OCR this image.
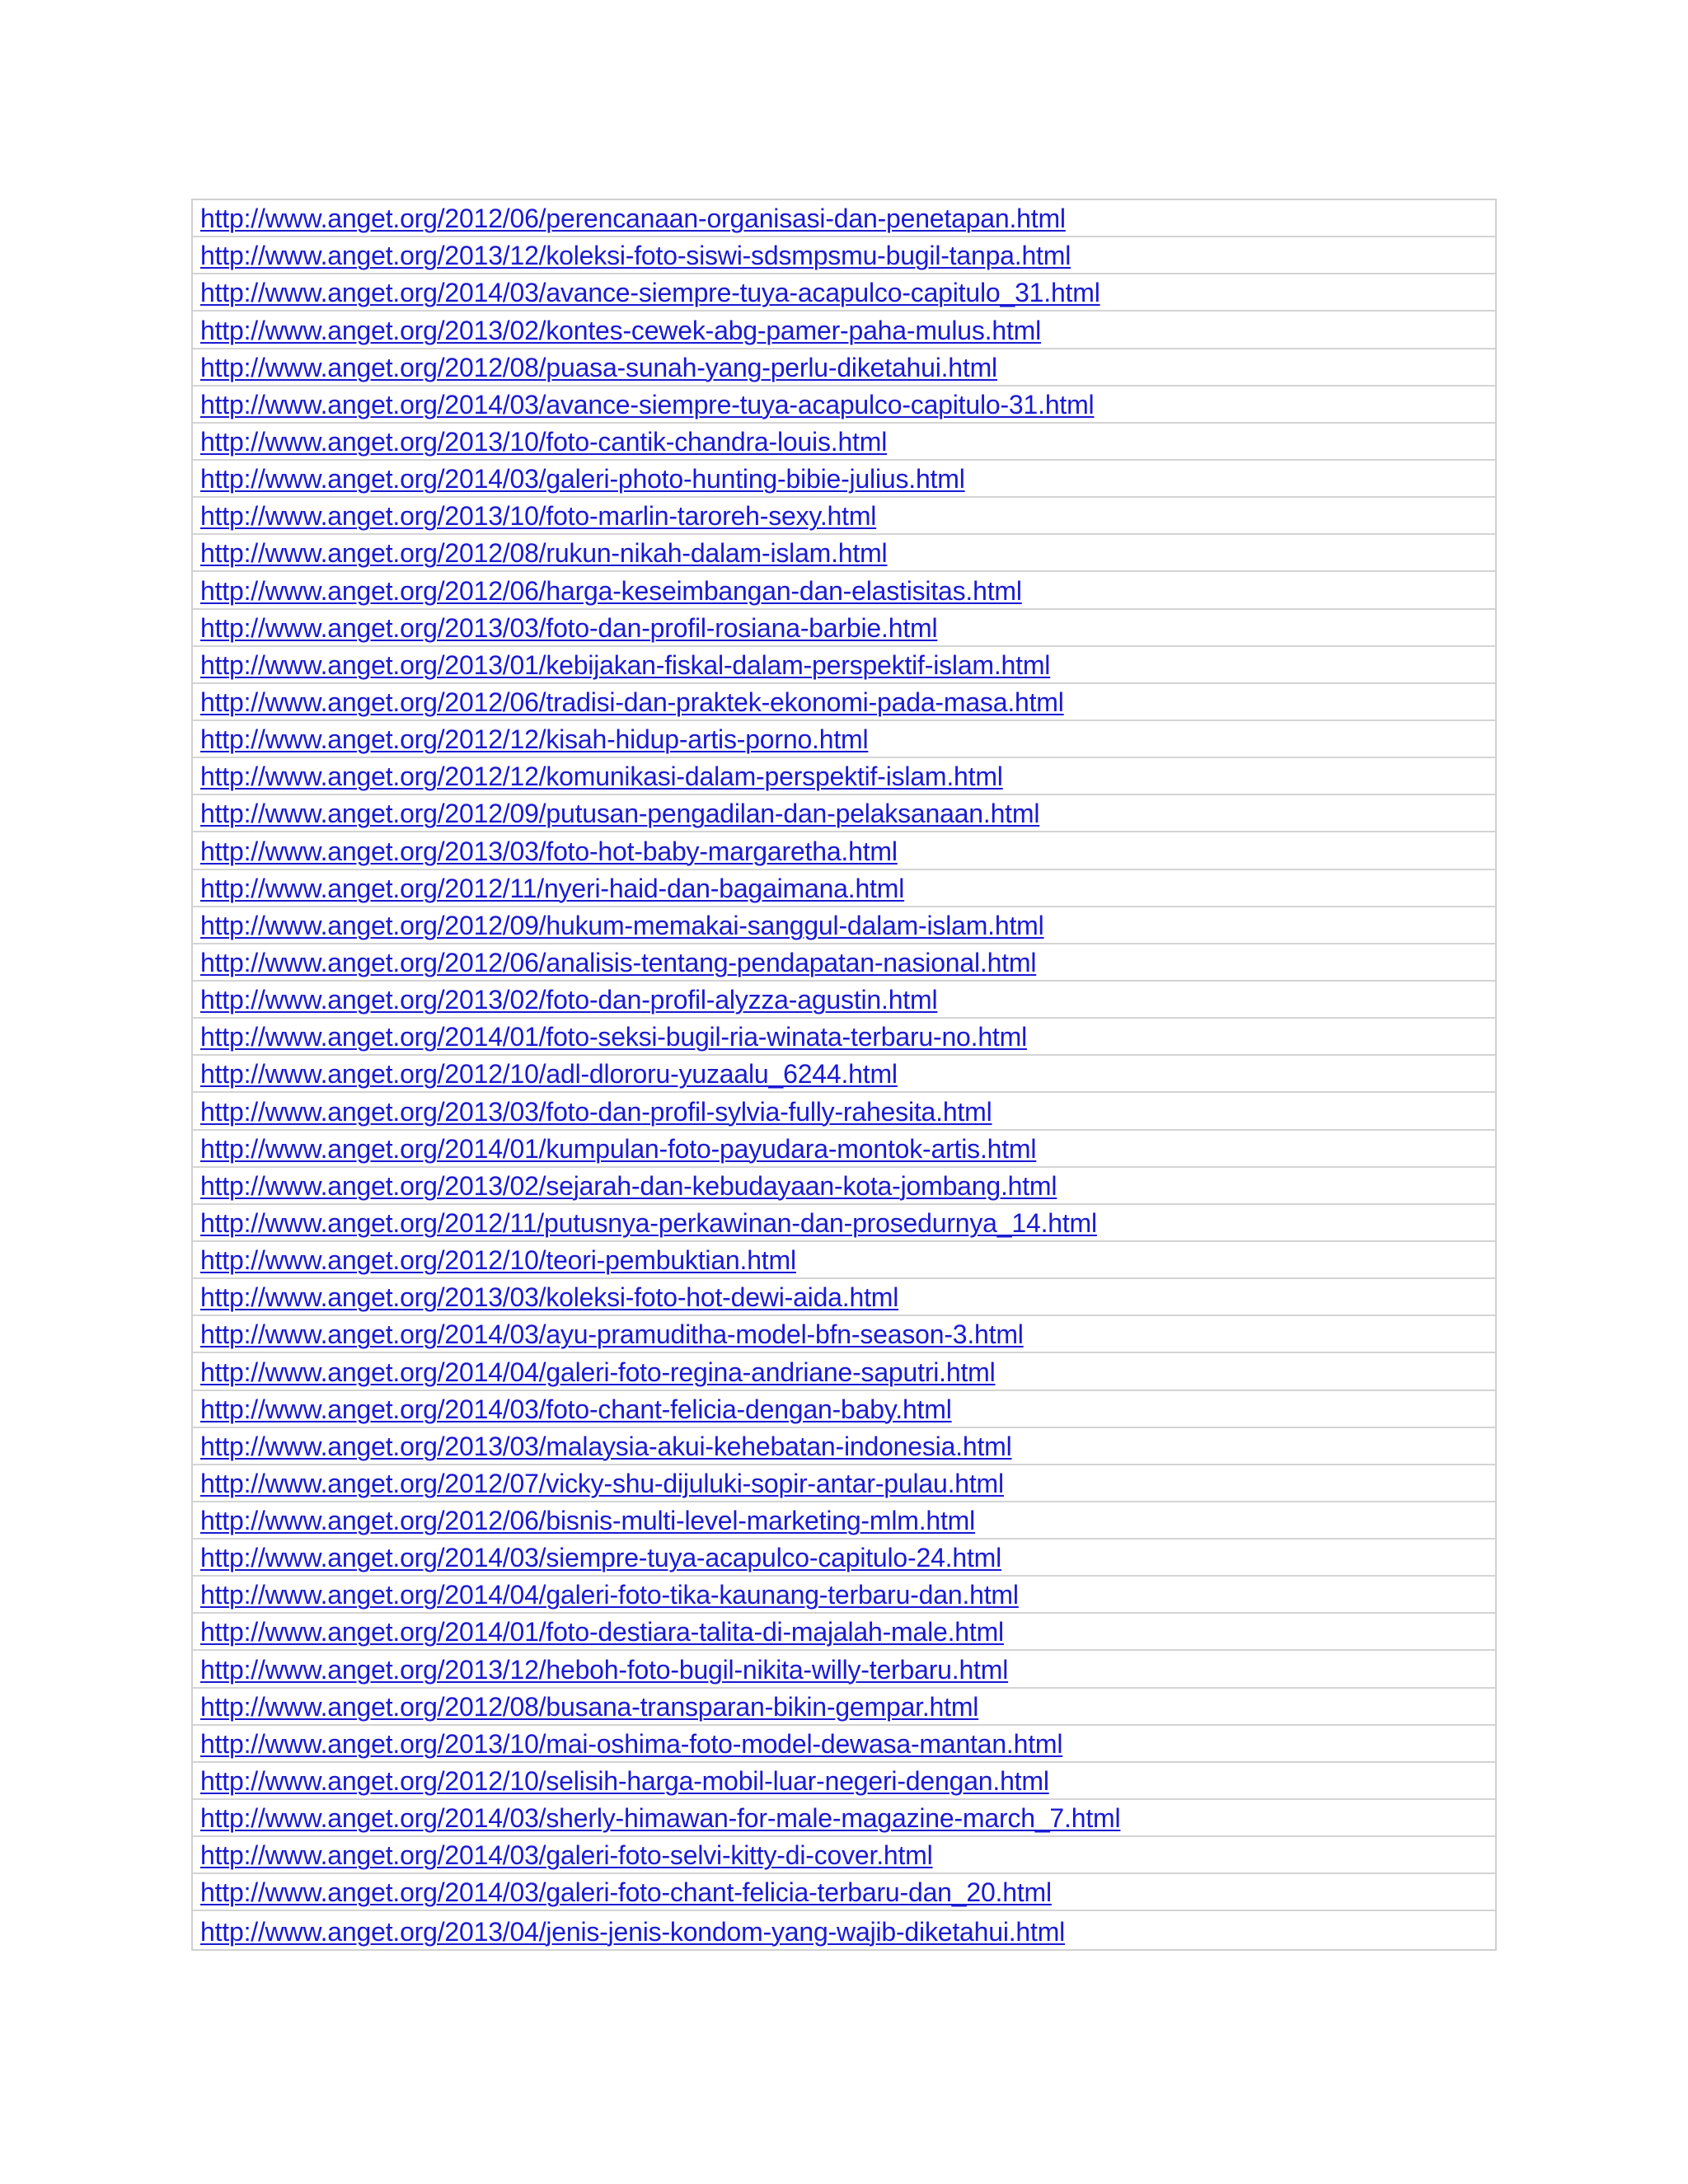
http://www.anget.org/2012/06/perencanaan-organisasi-dan-penetapan.html
http://www.anget.org/2013/12/koleksi-foto-siswi-sdsmpsmu-bugil-tanpa.html
http://www.anget.org/2014/03/avance-siempre-tuya-acapulco-capitulo_31.html
http://www.anget.org/2013/02/kontes-cewek-abg-pamer-paha-mulus.html
http://www.anget.org/2012/08/puasa-sunah-yang-perlu-diketahui.html
http://www.anget.org/2014/03/avance-siempre-tuya-acapulco-capitulo-31.html
http://www.anget.org/2013/10/foto-cantik-chandra-louis.html
http://www.anget.org/2014/03/galeri-photo-hunting-bibie-julius.html
http://www.anget.org/2013/10/foto-marlin-taroreh-sexy.html
http://www.anget.org/2012/08/rukun-nikah-dalam-islam.html
http://www.anget.org/2012/06/harga-keseimbangan-dan-elastisitas.html
http://www.anget.org/2013/03/foto-dan-profil-rosiana-barbie.html
http://www.anget.org/2013/01/kebijakan-fiskal-dalam-perspektif-islam.html
http://www.anget.org/2012/06/tradisi-dan-praktek-ekonomi-pada-masa.html
http://www.anget.org/2012/12/kisah-hidup-artis-porno.html
http://www.anget.org/2012/12/komunikasi-dalam-perspektif-islam.html
http://www.anget.org/2012/09/putusan-pengadilan-dan-pelaksanaan.html
http://www.anget.org/2013/03/foto-hot-baby-margaretha.html
http://www.anget.org/2012/11/nyeri-haid-dan-bagaimana.html
http://www.anget.org/2012/09/hukum-memakai-sanggul-dalam-islam.html
http://www.anget.org/2012/06/analisis-tentang-pendapatan-nasional.html
http://www.anget.org/2013/02/foto-dan-profil-alyzza-agustin.html
http://www.anget.org/2014/01/foto-seksi-bugil-ria-winata-terbaru-no.html
http://www.anget.org/2012/10/adl-dlororu-yuzaalu_6244.html
http://www.anget.org/2013/03/foto-dan-profil-sylvia-fully-rahesita.html
http://www.anget.org/2014/01/kumpulan-foto-payudara-montok-artis.html
http://www.anget.org/2013/02/sejarah-dan-kebudayaan-kota-jombang.html
http://www.anget.org/2012/11/putusnya-perkawinan-dan-prosedurnya_14.html
http://www.anget.org/2012/10/teori-pembuktian.html
http://www.anget.org/2013/03/koleksi-foto-hot-dewi-aida.html
http://www.anget.org/2014/03/ayu-pramuditha-model-bfn-season-3.html
http://www.anget.org/2014/04/galeri-foto-regina-andriane-saputri.html
http://www.anget.org/2014/03/foto-chant-felicia-dengan-baby.html
http://www.anget.org/2013/03/malaysia-akui-kehebatan-indonesia.html
http://www.anget.org/2012/07/vicky-shu-dijuluki-sopir-antar-pulau.html
http://www.anget.org/2012/06/bisnis-multi-level-marketing-mlm.html
http://www.anget.org/2014/03/siempre-tuya-acapulco-capitulo-24.html
http://www.anget.org/2014/04/galeri-foto-tika-kaunang-terbaru-dan.html
http://www.anget.org/2014/01/foto-destiara-talita-di-majalah-male.html
http://www.anget.org/2013/12/heboh-foto-bugil-nikita-willy-terbaru.html
http://www.anget.org/2012/08/busana-transparan-bikin-gempar.html
http://www.anget.org/2013/10/mai-oshima-foto-model-dewasa-mantan.html
http://www.anget.org/2012/10/selisih-harga-mobil-luar-negeri-dengan.html
http://www.anget.org/2014/03/sherly-himawan-for-male-magazine-march_7.html
http://www.anget.org/2014/03/galeri-foto-selvi-kitty-di-cover.html
http://www.anget.org/2014/03/galeri-foto-chant-felicia-terbaru-dan_20.html
http://www.anget.org/2013/04/jenis-jenis-kondom-yang-wajib-diketahui.html
